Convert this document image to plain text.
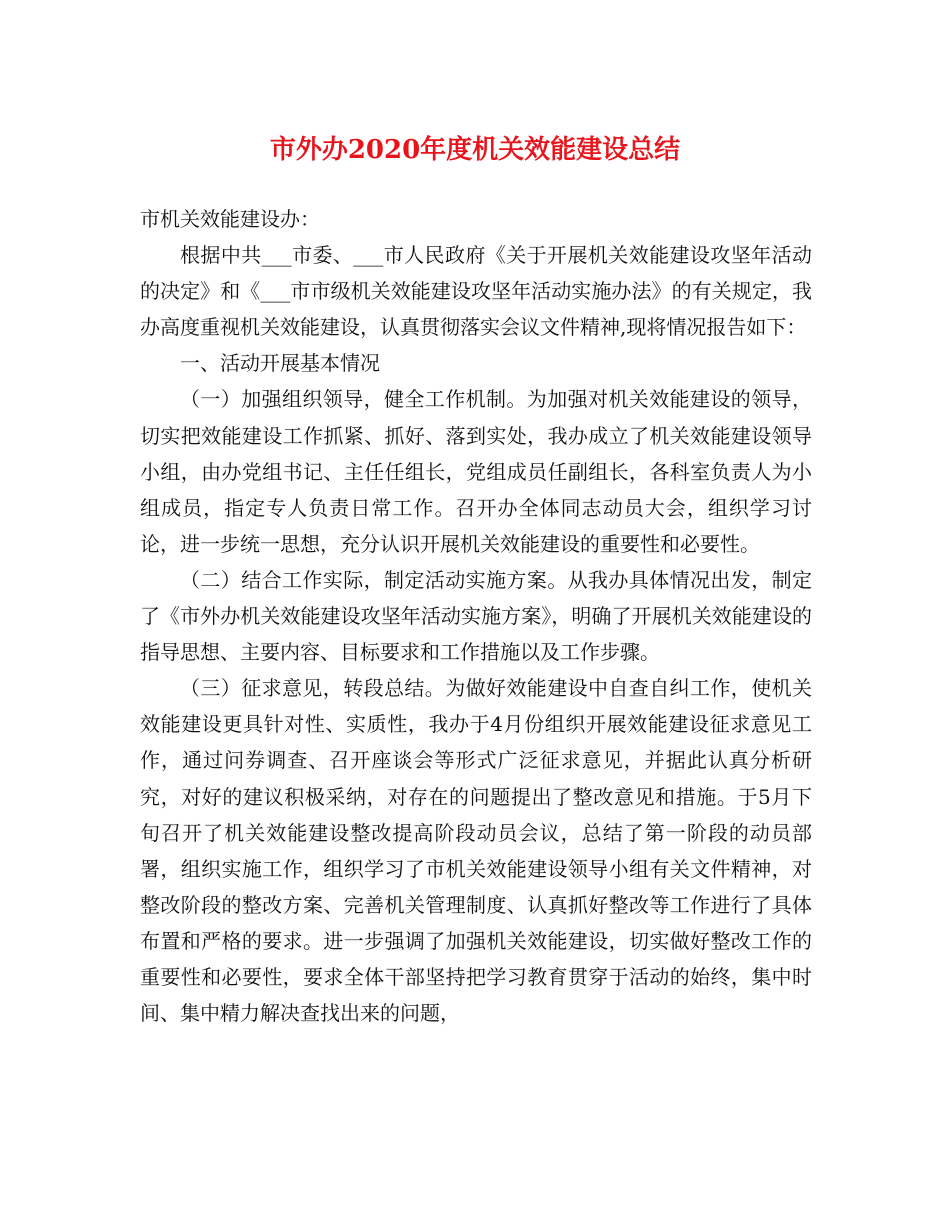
市外办2020年度机关效能建设总结

市机关效能建设办：

根据中共___市委、___市人民政府《关于开展机关效能建设攻坚年活动的决定》和《___市市级机关效能建设攻坚年活动实施办法》的有关规定，我办高度重视机关效能建设，认真贯彻落实会议文件精神,现将情况报告如下：

一、活动开展基本情况

（一）加强组织领导，健全工作机制。为加强对机关效能建设的领导，切实把效能建设工作抓紧、抓好、落到实处，我办成立了机关效能建设领导小组，由办党组书记、主任任组长，党组成员任副组长，各科室负责人为小组成员，指定专人负责日常工作。召开办全体同志动员大会，组织学习讨论，进一步统一思想，充分认识开展机关效能建设的重要性和必要性。

（二）结合工作实际，制定活动实施方案。从我办具体情况出发，制定了《市外办机关效能建设攻坚年活动实施方案》，明确了开展机关效能建设的指导思想、主要内容、目标要求和工作措施以及工作步骤。

（三）征求意见，转段总结。为做好效能建设中自查自纠工作，使机关效能建设更具针对性、实质性，我办于4月份组织开展效能建设征求意见工作，通过问券调查、召开座谈会等形式广泛征求意见，并据此认真分析研究，对好的建议积极采纳，对存在的问题提出了整改意见和措施。于5月下旬召开了机关效能建设整改提高阶段动员会议，总结了第一阶段的动员部署，组织实施工作，组织学习了市机关效能建设领导小组有关文件精神，对整改阶段的整改方案、完善机关管理制度、认真抓好整改等工作进行了具体布置和严格的要求。进一步强调了加强机关效能建设，切实做好整改工作的重要性和必要性，要求全体干部坚持把学习教育贯穿于活动的始终，集中时间、集中精力解决查找出来的问题，
